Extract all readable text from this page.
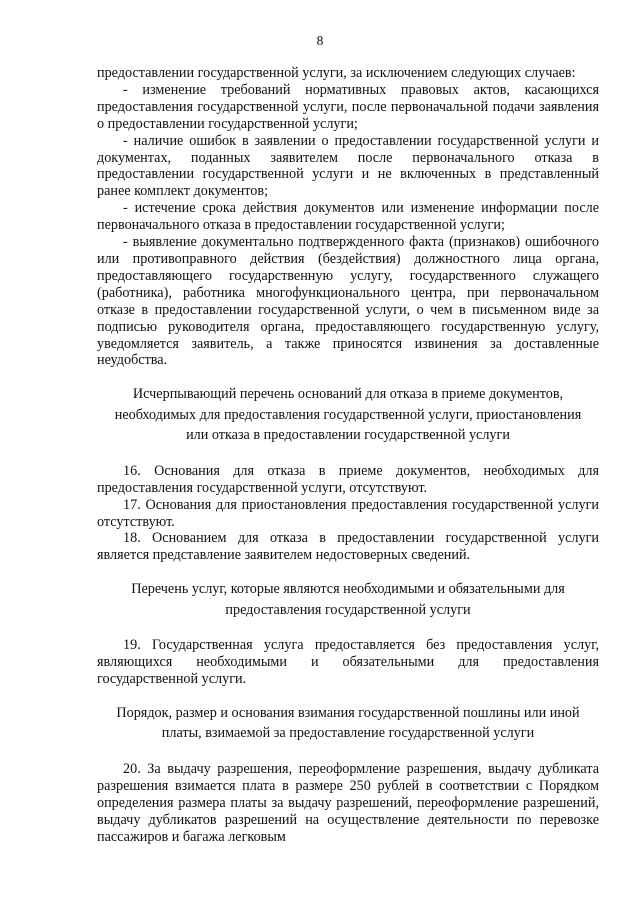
8

предоставлении государственной услуги, за исключением следующих случаев:

- изменение требований нормативных правовых актов, касающихся предоставления государственной услуги, после первоначальной подачи заявления о предоставлении государственной услуги;

- наличие ошибок в заявлении о предоставлении государственной услуги и документах, поданных заявителем после первоначального отказа в предоставлении государственной услуги и не включенных в представленный ранее комплект документов;

- истечение срока действия документов или изменение информации после первоначального отказа в предоставлении государственной услуги;

- выявление документально подтвержденного факта (признаков) ошибочного или противоправного действия (бездействия) должностного лица органа, предоставляющего государственную услугу, государственного служащего (работника), работника многофункционального центра, при первоначальном отказе в предоставлении государственной услуги, о чем в письменном виде за подписью руководителя органа, предоставляющего государственную услугу, уведомляется заявитель, а также приносятся извинения за доставленные неудобства.

Исчерпывающий перечень оснований для отказа в приеме документов,
необходимых для предоставления государственной услуги, приостановления
или отказа в предоставлении государственной услуги

16. Основания для отказа в приеме документов, необходимых для предоставления государственной услуги, отсутствуют.

17. Основания для приостановления предоставления государственной услуги отсутствуют.

18. Основанием для отказа в предоставлении государственной услуги является представление заявителем недостоверных сведений.

Перечень услуг, которые являются необходимыми и обязательными для
предоставления государственной услуги

19. Государственная услуга предоставляется без предоставления услуг, являющихся необходимыми и обязательными для предоставления государственной услуги.

Порядок, размер и основания взимания государственной пошлины или иной
платы, взимаемой за предоставление государственной услуги

20. За выдачу разрешения, переоформление разрешения, выдачу дубликата разрешения взимается плата в размере 250 рублей в соответствии с Порядком определения размера платы за выдачу разрешений, переоформление разрешений, выдачу дубликатов разрешений на осуществление деятельности по перевозке пассажиров и багажа легковым
